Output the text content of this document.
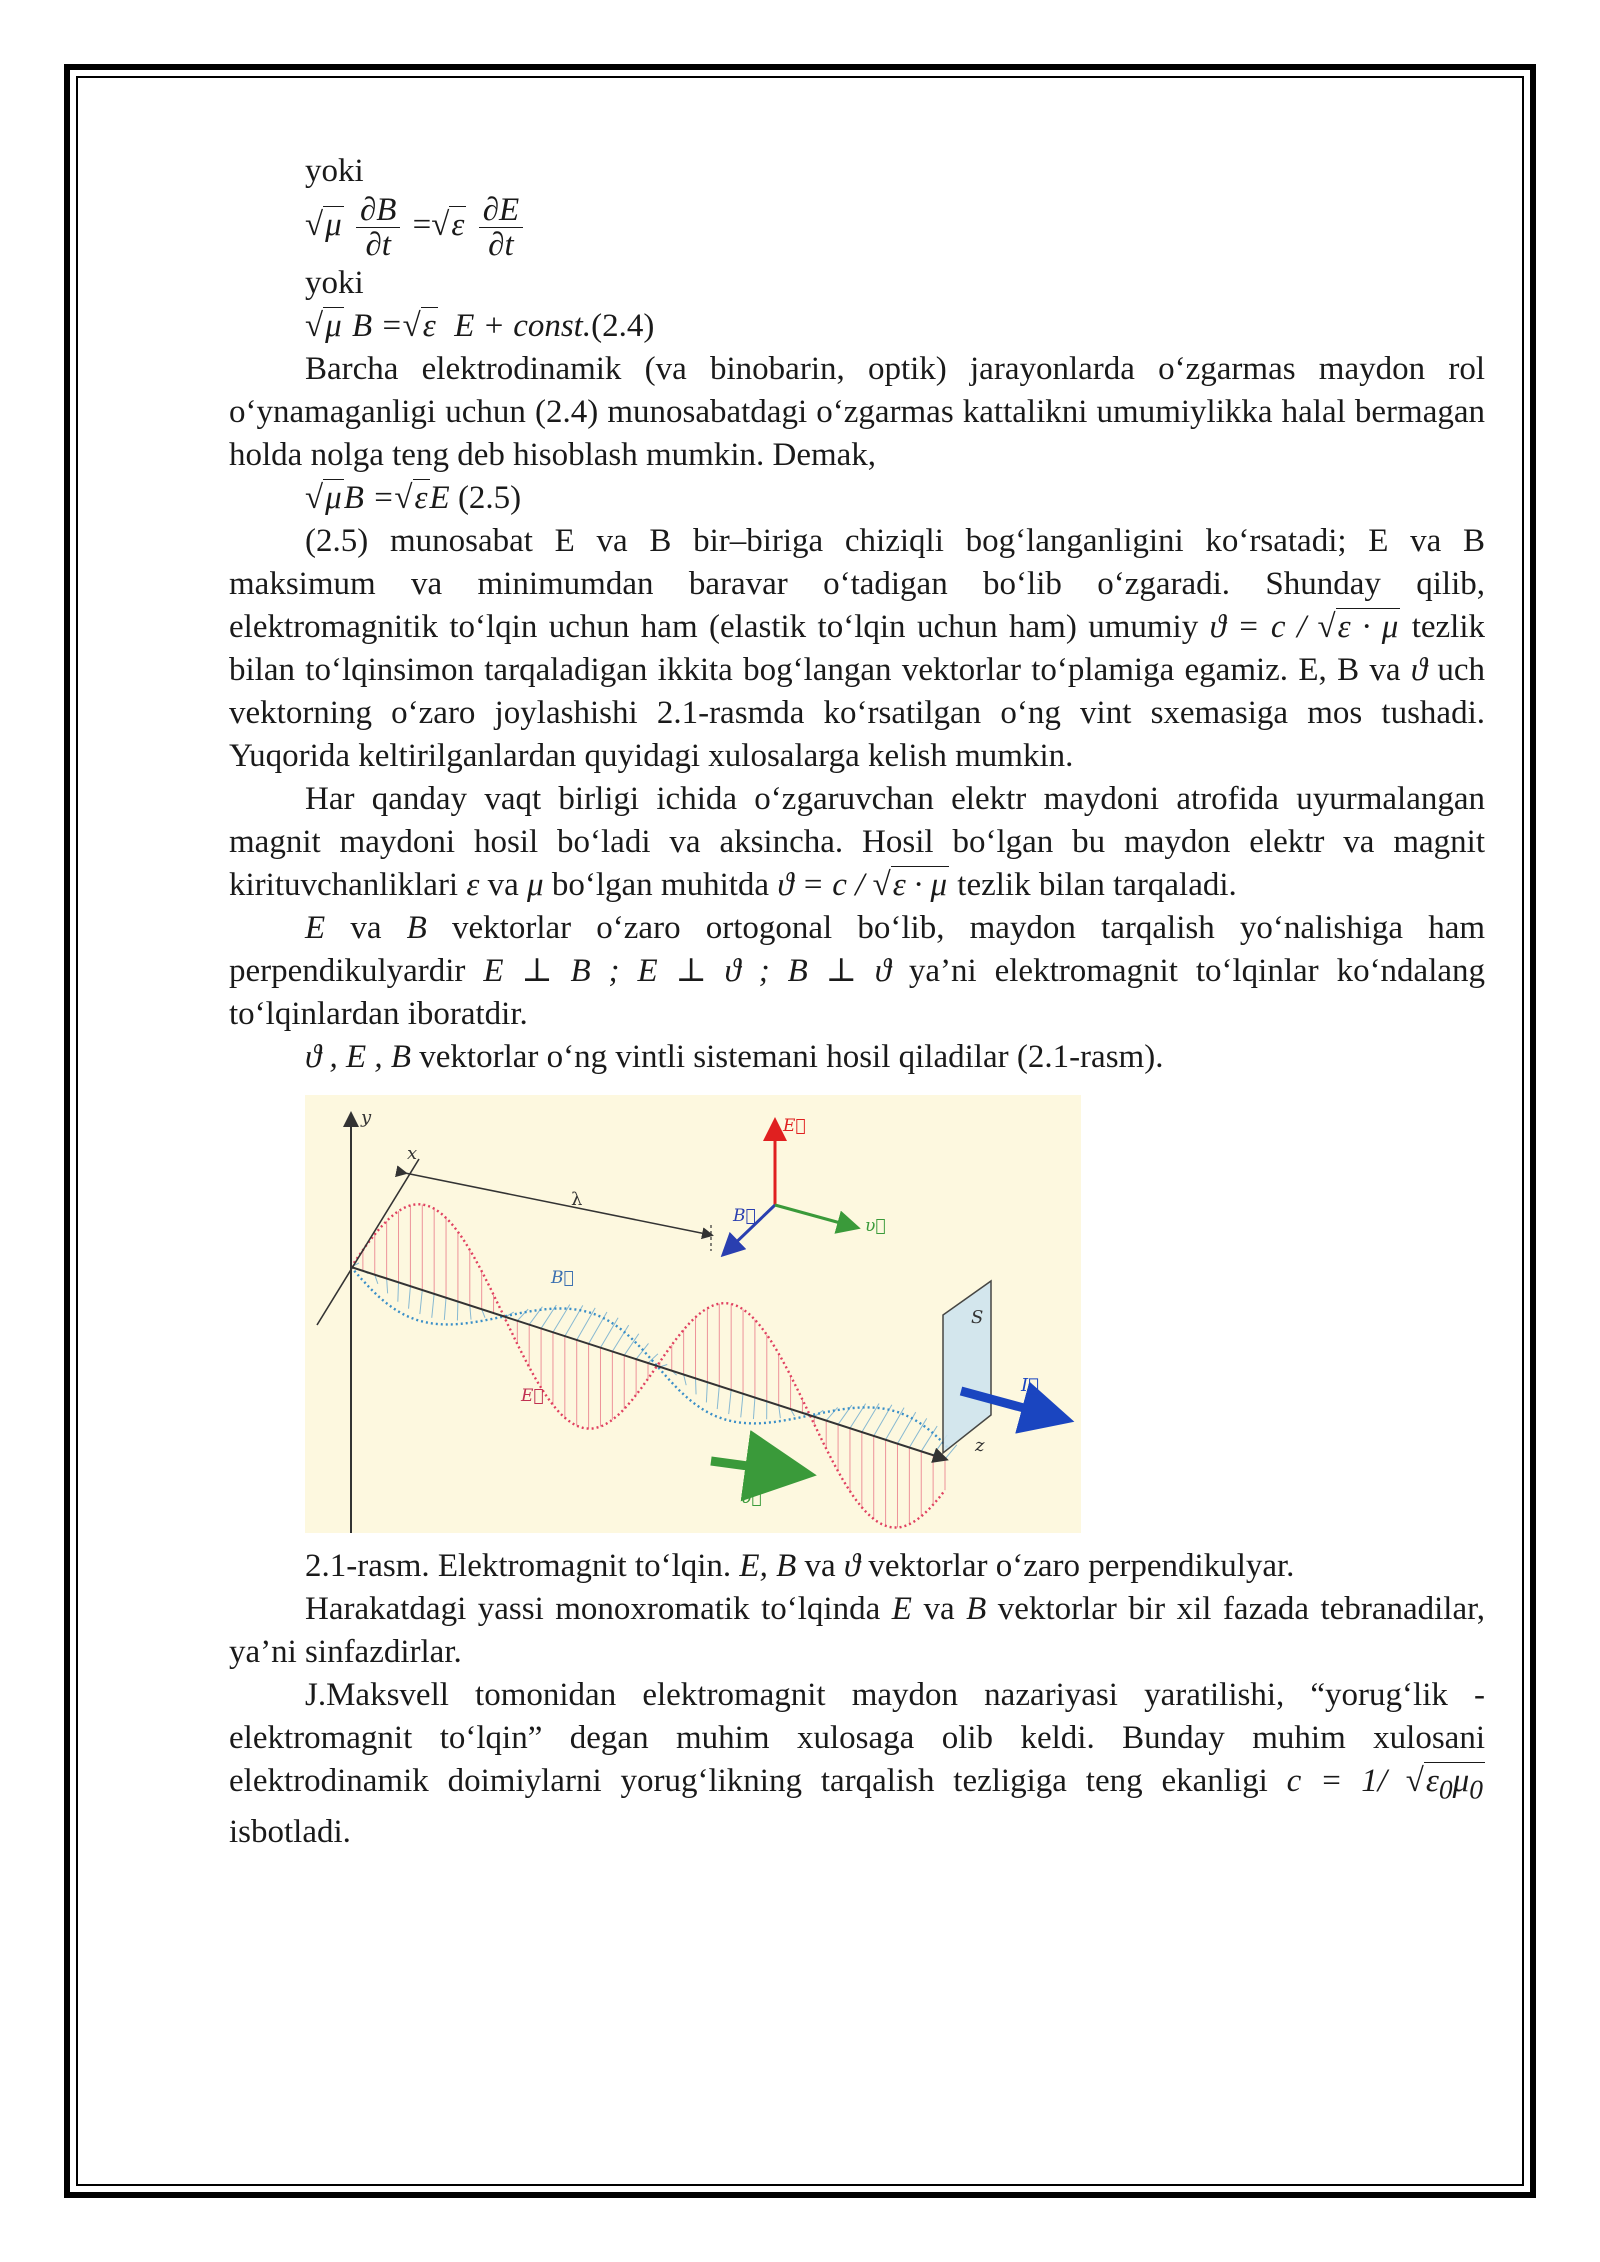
yoki

$√\mu \frac{\partial B}{\partial t} =√\varepsilon \frac{\partial E}{\partial t}$

yoki

√μ B =√ε  E + const.(2.4)

Barcha elektrodinamik (va binobarin, optik) jarayonlarda o‘zgarmas maydon rol o‘ynamaganligi uchun (2.4) munosabatdagi o‘zgarmas kattalikni umumiylikka halal bermagan holda nolga teng deb hisoblash mumkin. Demak,

√μB =√εE (2.5)

(2.5) munosabat E va B bir–biriga chiziqli bog‘langanligini ko‘rsatadi; E va B maksimum va minimumdan baravar o‘tadigan bo‘lib o‘zgaradi. Shunday qilib, elektromagnitik to‘lqin uchun ham (elastik to‘lqin uchun ham) umumiy ϑ = c / √ε · μ tezlik bilan to‘lqinsimon tarqaladigan ikkita bog‘langan vektorlar to‘plamiga egamiz. E, B va ϑ uch vektorning o‘zaro joylashishi 2.1-rasmda ko‘rsatilgan o‘ng vint sxemasiga mos tushadi. Yuqorida keltirilganlardan quyidagi xulosalarga kelish mumkin.

Har qanday vaqt birligi ichida o‘zgaruvchan elektr maydoni atrofida uyurmalangan magnit maydoni hosil bo‘ladi va aksincha. Hosil bo‘lgan bu maydon elektr va magnit kirituvchanliklari ε va μ bo‘lgan muhitda ϑ = c / √ε · μ tezlik bilan tarqaladi.

E va B vektorlar o‘zaro ortogonal bo‘lib, maydon tarqalish yo‘nalishiga ham perpendikulyardir E ⊥ B ; E ⊥ ϑ ; B ⊥ ϑ ya’ni elektromagnit to‘lqinlar ko‘ndalang to‘lqinlardan iboratdir.

ϑ , E , B vektorlar o‘ng vintli sistemani hosil qiladilar (2.1-rasm).

y
x
z
λ
E⃗
B⃗	υ⃗
B⃗
E⃗
S
I⃗
υ⃗

2.1-rasm. Elektromagnit to‘lqin. E, B va ϑ vektorlar o‘zaro perpendikulyar.

Harakatdagi yassi monoxromatik to‘lqinda E va B vektorlar bir xil fazada tebranadilar, ya’ni sinfazdirlar.

J.Maksvell tomonidan elektromagnit maydon nazariyasi yaratilishi, “yorug‘lik - elektromagnit to‘lqin” degan muhim xulosaga olib keldi. Bunday muhim xulosani elektrodinamik doimiylarni yorug‘likning tarqalish tezligiga teng ekanligi c = 1/ $√\varepsilon_0\mu_0$ isbotladi.
